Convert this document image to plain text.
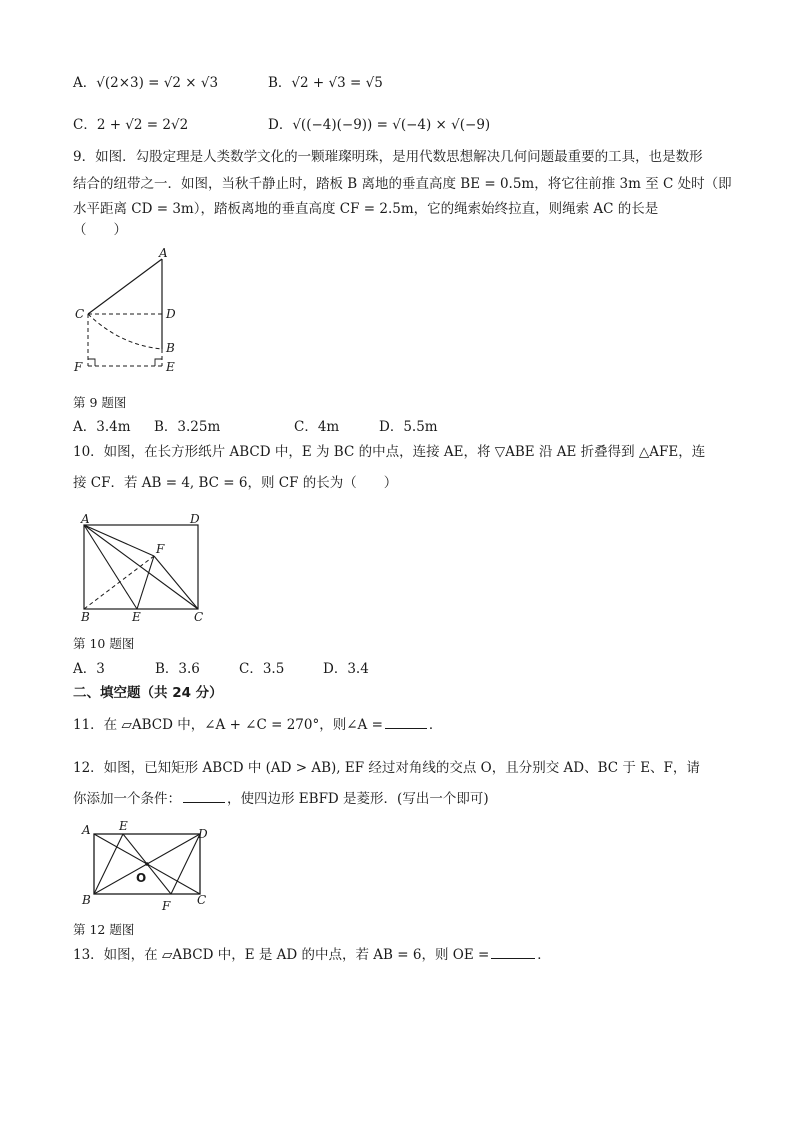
A．√(2×3) = √2 × √3	B．√2 + √3 = √5
C．2 + √2 = 2√2	D．√((−4)(−9)) = √(−4) × √(−9)
9．如图．勾股定理是人类数学文化的一颗璀璨明珠，是用代数思想解决几何问题最重要的工具，也是数形
结合的纽带之一．如图，当秋千静止时，踏板 B 离地的垂直高度 BE = 0.5m，将它往前推 3m 至 C 处时（即
水平距离 CD = 3m），踏板离地的垂直高度 CF = 2.5m，它的绳索始终拉直，则绳索 AC 的长是
（　　）
A
C	D
B
F	E
第 9 题图
A．3.4m B．3.25m	C．4m	D．5.5m
10．如图，在长方形纸片 ABCD 中，E 为 BC 的中点，连接 AE，将 ▽ABE 沿 AE 折叠得到 △AFE，连
接 CF．若 AB = 4, BC = 6，则 CF 的长为（　　）
A	D
F
B	E	C
第 10 题图
A．3	B．3.6	C．3.5	D．3.4
二、填空题（共 24 分）
11．在 ▱ABCD 中，∠A + ∠C = 270°，则∠A =	．
12．如图，已知矩形 ABCD 中 (AD > AB), EF 经过对角线的交点 O，且分别交 AD、BC 于 E、F，请
你添加一个条件：	，使四边形 EBFD 是菱形．(写出一个即可)
A E
D
O
B	F C
第 12 题图
13．如图，在 ▱ABCD 中，E 是 AD 的中点，若 AB = 6，则 OE =	．
